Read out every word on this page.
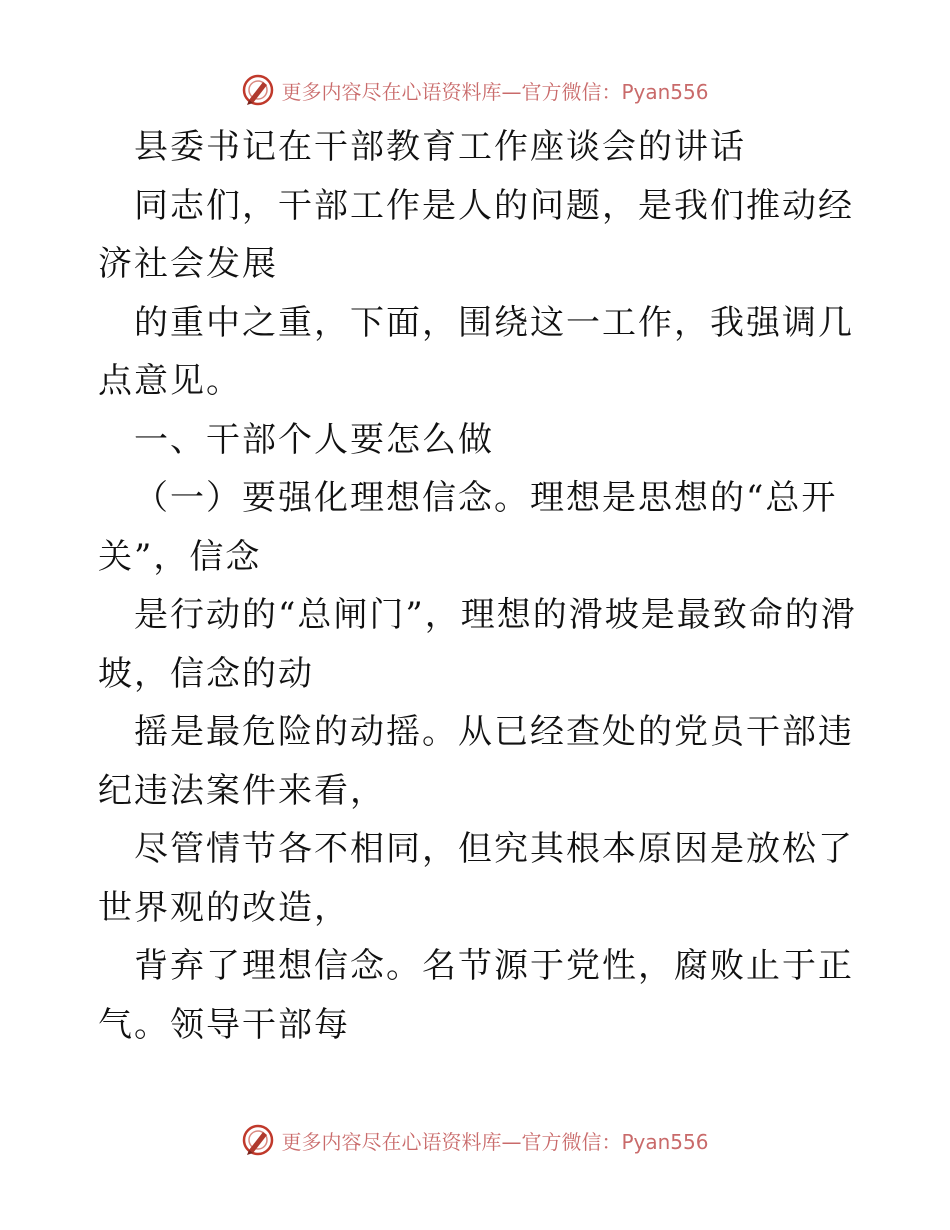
更多内容尽在心语资料库—官方微信：Pyan556

县委书记在干部教育工作座谈会的讲话

同志们，干部工作是人的问题，是我们推动经济社会发展

的重中之重，下面，围绕这一工作，我强调几点意见。

一、干部个人要怎么做

（一）要强化理想信念。理想是思想的“总开关”，信念

是行动的“总闸门”，理想的滑坡是最致命的滑坡，信念的动

摇是最危险的动摇。从已经查处的党员干部违纪违法案件来看，

尽管情节各不相同，但究其根本原因是放松了世界观的改造，

背弃了理想信念。名节源于党性，腐败止于正气。领导干部每

更多内容尽在心语资料库—官方微信：Pyan556
